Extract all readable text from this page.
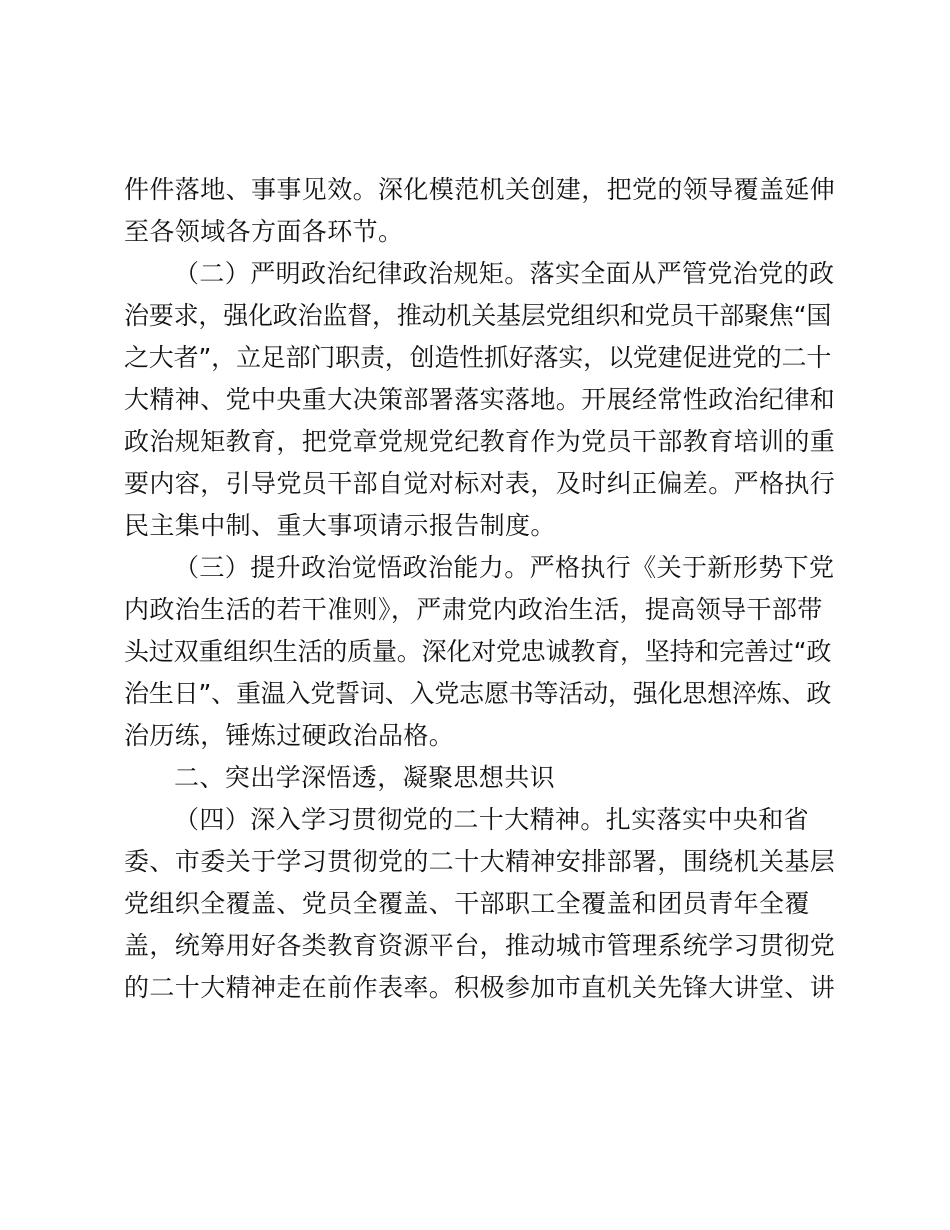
件件落地、事事见效。深化模范机关创建，把党的领导覆盖延伸
至各领域各方面各环节。
（二）严明政治纪律政治规矩。落实全面从严管党治党的政
治要求，强化政治监督，推动机关基层党组织和党员干部聚焦“国
之大者”，立足部门职责，创造性抓好落实，以党建促进党的二十
大精神、党中央重大决策部署落实落地。开展经常性政治纪律和
政治规矩教育，把党章党规党纪教育作为党员干部教育培训的重
要内容，引导党员干部自觉对标对表，及时纠正偏差。严格执行
民主集中制、重大事项请示报告制度。
（三）提升政治觉悟政治能力。严格执行《关于新形势下党
内政治生活的若干准则》，严肃党内政治生活，提高领导干部带
头过双重组织生活的质量。深化对党忠诚教育，坚持和完善过“政
治生日”、重温入党誓词、入党志愿书等活动，强化思想淬炼、政
治历练，锤炼过硬政治品格。
二、突出学深悟透，凝聚思想共识
（四）深入学习贯彻党的二十大精神。扎实落实中央和省
委、市委关于学习贯彻党的二十大精神安排部署，围绕机关基层
党组织全覆盖、党员全覆盖、干部职工全覆盖和团员青年全覆
盖，统筹用好各类教育资源平台，推动城市管理系统学习贯彻党
的二十大精神走在前作表率。积极参加市直机关先锋大讲堂、讲
